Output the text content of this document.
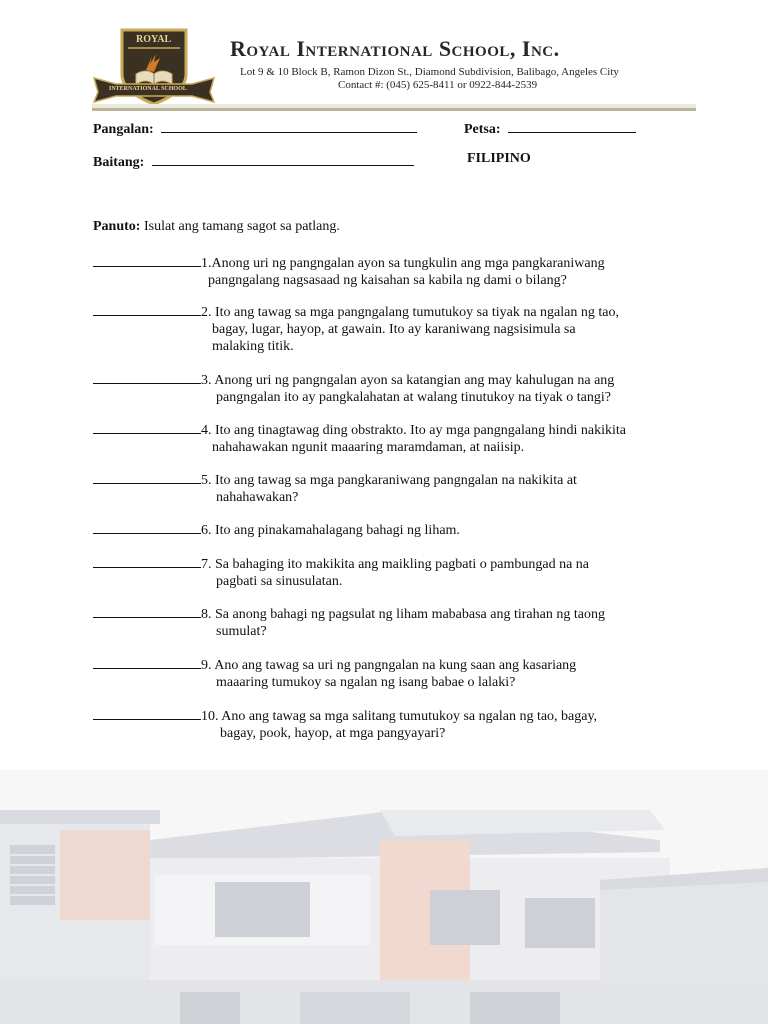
ROYAL
INTERNATIONAL SCHOOL
Royal International School, Inc.
Lot 9 & 10 Block B, Ramon Dizon St., Diamond Subdivision, Balibago, Angeles City
Contact #: (045) 625-8411 or 0922-844-2539
Pangalan:	Petsa:
Baitang:	FILIPINO
Panuto: Isulat ang tamang sagot sa patlang.
1.Anong uri ng pangngalan ayon sa tungkulin ang mga pangkaraniwang
pangngalang nagsasaad ng kaisahan sa kabila ng dami o bilang?
2. Ito ang tawag sa mga pangngalang tumutukoy sa tiyak na ngalan ng tao,
bagay, lugar, hayop, at gawain. Ito ay karaniwang nagsisimula sa
malaking titik.
3. Anong uri ng pangngalan ayon sa katangian ang may kahulugan na ang
pangngalan ito ay pangkalahatan at walang tinutukoy na tiyak o tangi?
4. Ito ang tinagtawag ding obstrakto. Ito ay mga pangngalang hindi nakikita
nahahawakan ngunit maaaring maramdaman, at naiisip.
5. Ito ang tawag sa mga pangkaraniwang pangngalan na nakikita at
nahahawakan?
6. Ito ang pinakamahalagang bahagi ng liham.
7. Sa bahaging ito makikita ang maikling pagbati o pambungad na na
pagbati sa sinusulatan.
8. Sa anong bahagi ng pagsulat ng liham mababasa ang tirahan ng taong
sumulat?
9. Ano ang tawag sa uri ng pangngalan na kung saan ang kasariang
maaaring tumukoy sa ngalan ng isang babae o lalaki?
10. Ano ang tawag sa mga salitang tumutukoy sa ngalan ng tao, bagay,
bagay, pook, hayop, at mga pangyayari?
